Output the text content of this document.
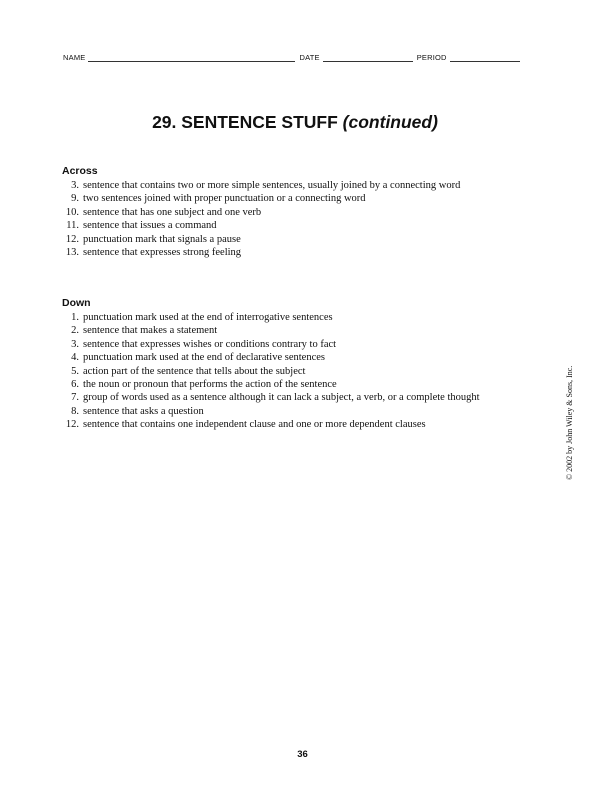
NAME	DATE	PERIOD
29. SENTENCE STUFF (continued)
Across
3. sentence that contains two or more simple sentences, usually joined by a connecting word
9. two sentences joined with proper punctuation or a connecting word
10. sentence that has one subject and one verb
11. sentence that issues a command
12. punctuation mark that signals a pause
13. sentence that expresses strong feeling
Down
1. punctuation mark used at the end of interrogative sentences
2. sentence that makes a statement
3. sentence that expresses wishes or conditions contrary to fact
4. punctuation mark used at the end of declarative sentences
5. action part of the sentence that tells about the subject
6. the noun or pronoun that performs the action of the sentence
7. group of words used as a sentence although it can lack a subject, a verb, or a complete thought
8. sentence that asks a question
12. sentence that contains one independent clause and one or more dependent clauses	© 2002 by John Wiley & Sons, Inc.
36
